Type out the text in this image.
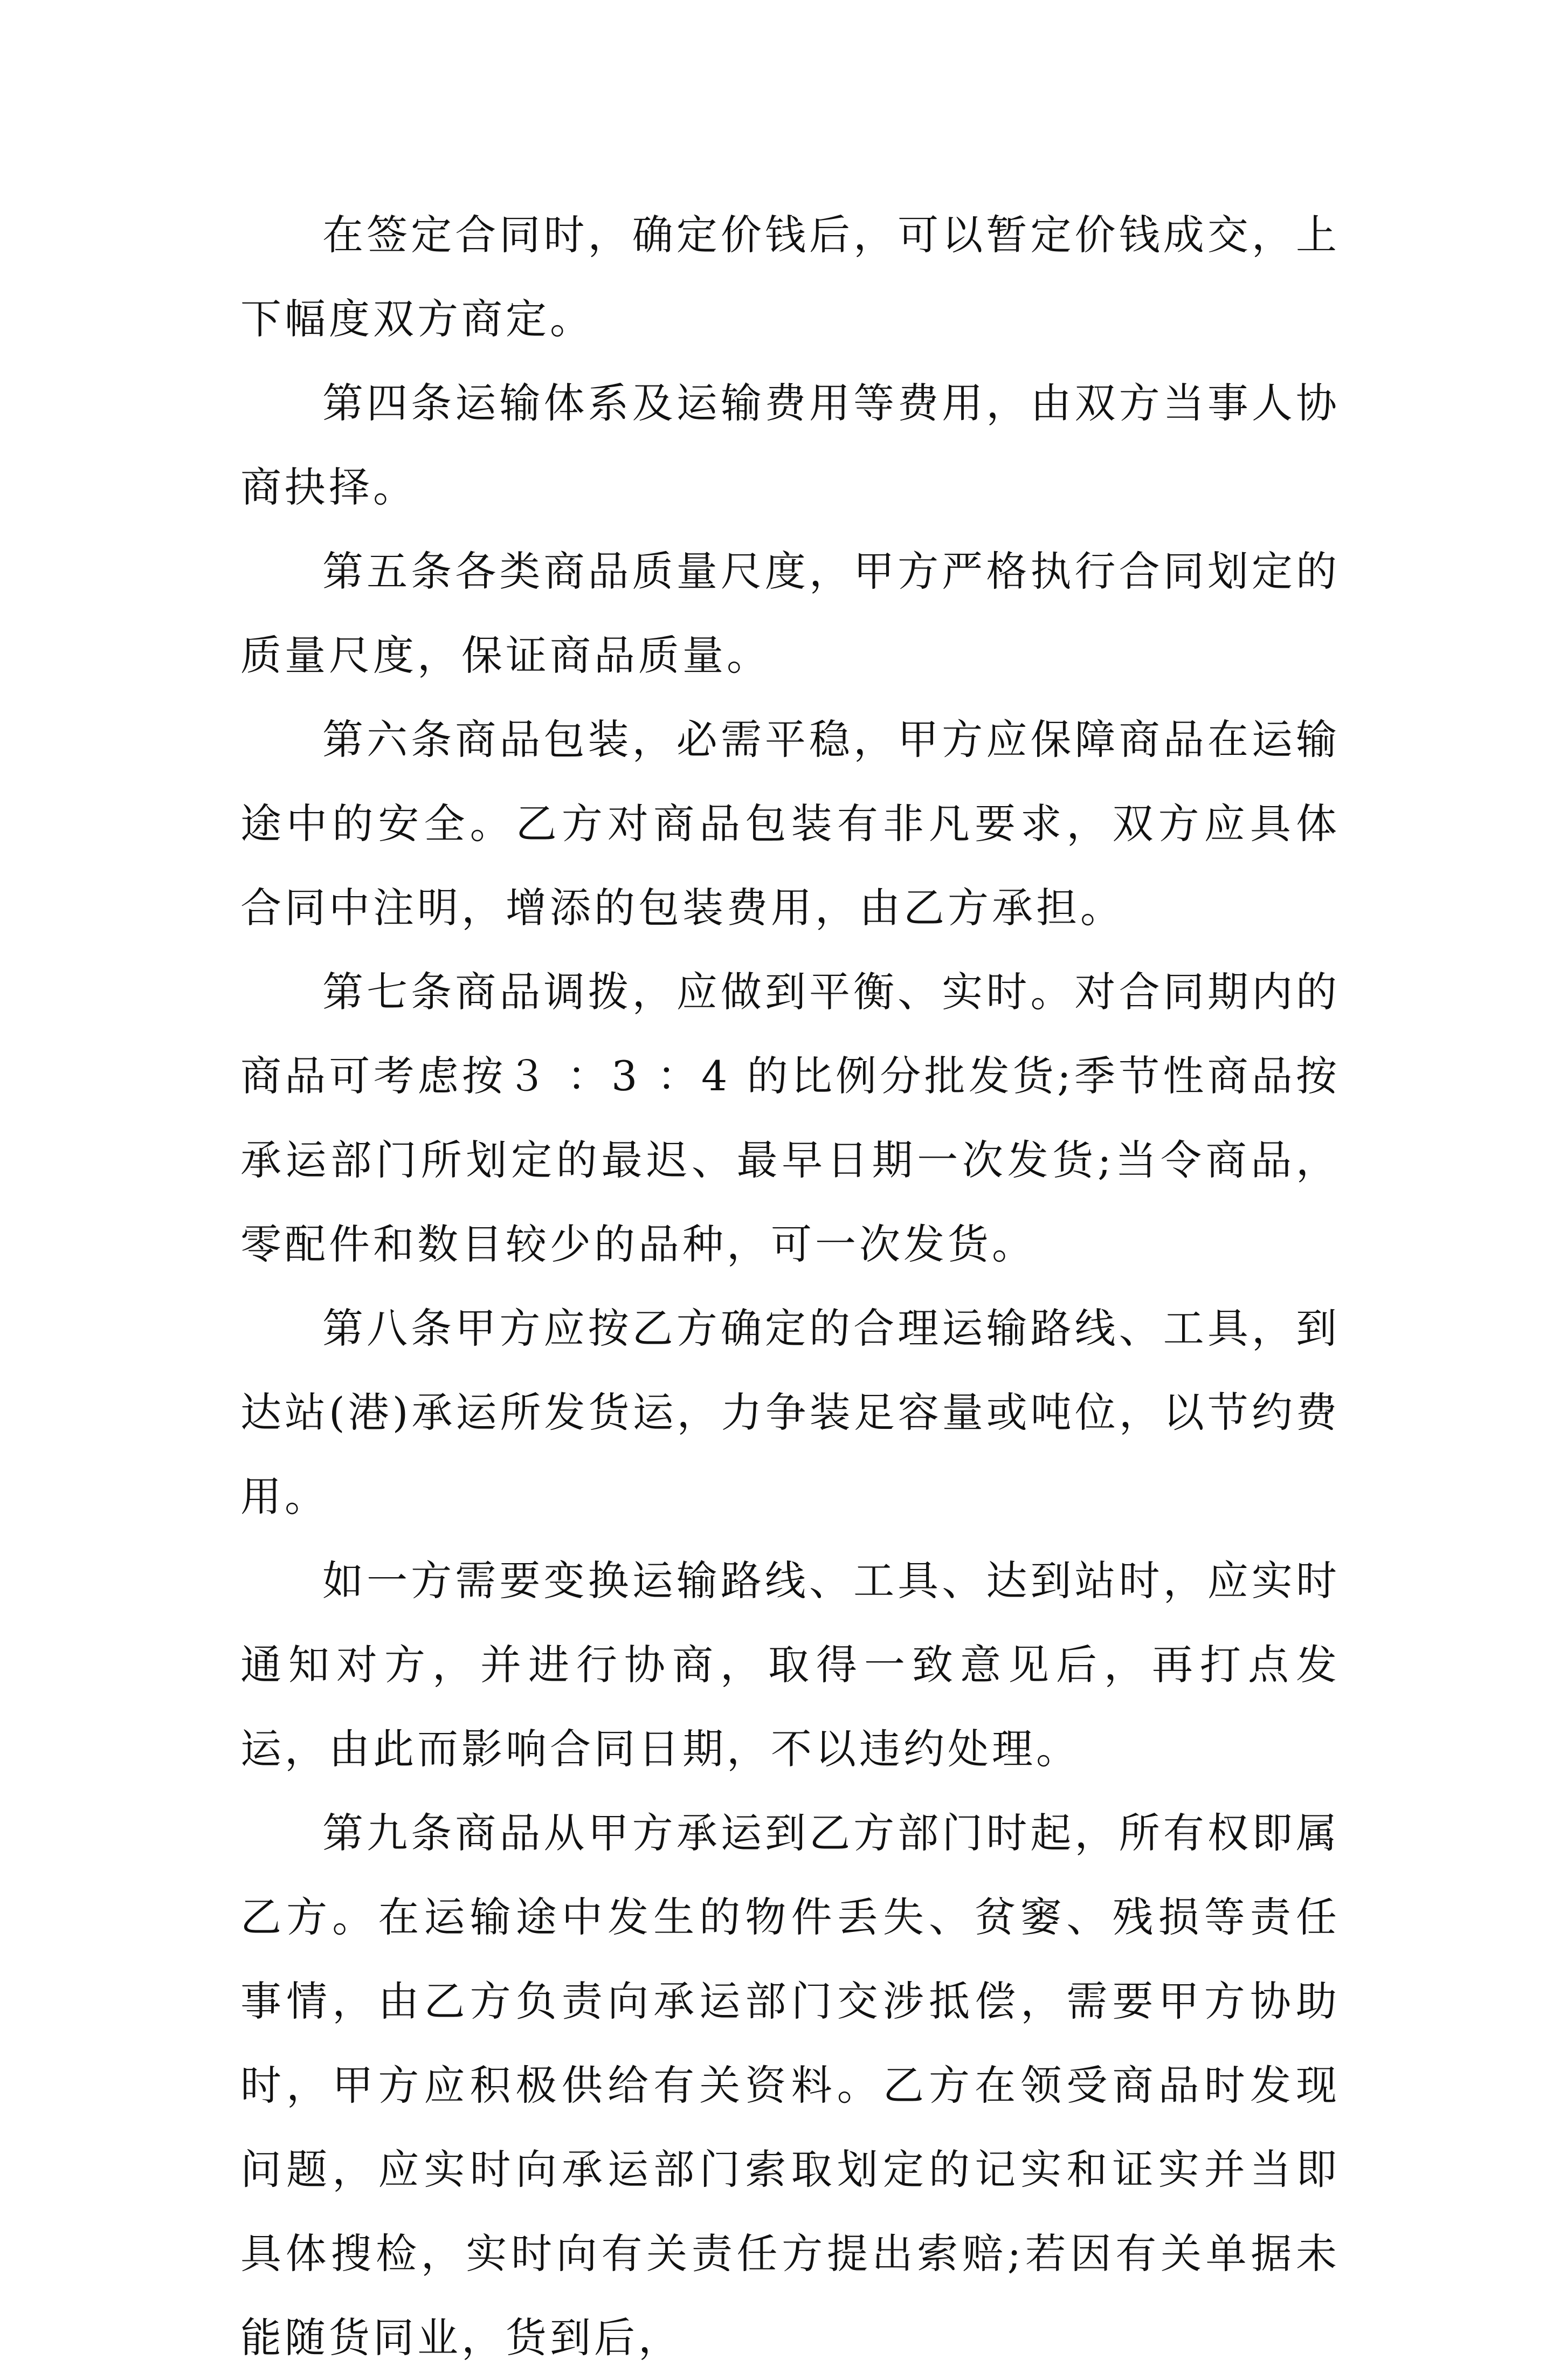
在签定合同时，确定价钱后，可以暂定价钱成交，上下幅度双方商定。

第四条运输体系及运输费用等费用，由双方当事人协商抉择。

第五条各类商品质量尺度，甲方严格执行合同划定的质量尺度，保证商品质量。

第六条商品包装，必需平稳，甲方应保障商品在运输途中的安全。乙方对商品包装有非凡要求，双方应具体合同中注明，增添的包装费用，由乙方承担。

第七条商品调拨，应做到平衡、实时。对合同期内的商品可考虑按３ ：3 ：4 的比例分批发货;季节性商品按承运部门所划定的最迟、最早日期一次发货;当令商品，零配件和数目较少的品种，可一次发货。

第八条甲方应按乙方确定的合理运输路线、工具，到达站(港)承运所发货运，力争装足容量或吨位，以节约费用。

如一方需要变换运输路线、工具、达到站时，应实时通知对方，并进行协商，取得一致意见后，再打点发运，由此而影响合同日期，不以违约处理。

第九条商品从甲方承运到乙方部门时起，所有权即属乙方。在运输途中发生的物件丢失、贫窭、残损等责任事情，由乙方负责向承运部门交涉抵偿，需要甲方协助时，甲方应积极供给有关资料。乙方在领受商品时发现问题，应实时向承运部门索取划定的记实和证实并当即具体搜检，实时向有关责任方提出索赔;若因有关单据未能随货同业，货到后，
